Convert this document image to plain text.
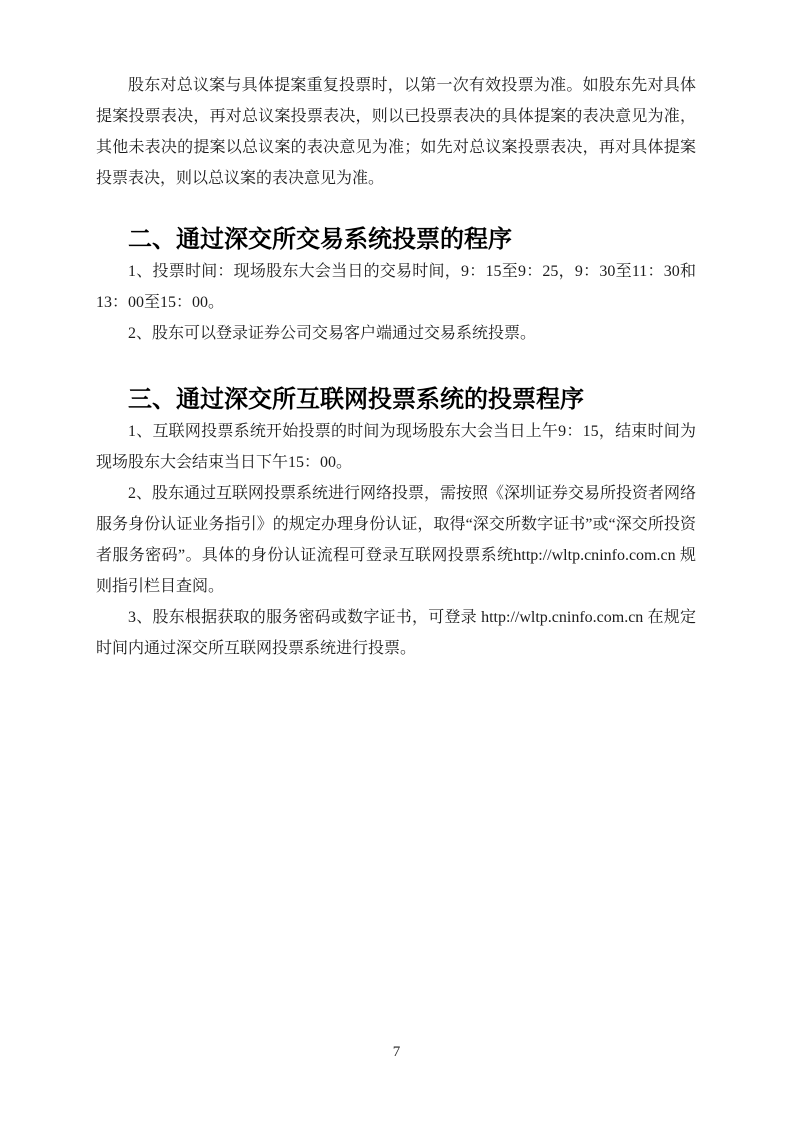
股东对总议案与具体提案重复投票时，以第一次有效投票为准。如股东先对具体提案投票表决，再对总议案投票表决，则以已投票表决的具体提案的表决意见为准，其他未表决的提案以总议案的表决意见为准；如先对总议案投票表决，再对具体提案投票表决，则以总议案的表决意见为准。

二、通过深交所交易系统投票的程序

1、投票时间：现场股东大会当日的交易时间，9：15至9：25，9：30至11：30和13：00至15：00。

2、股东可以登录证券公司交易客户端通过交易系统投票。

三、通过深交所互联网投票系统的投票程序

1、互联网投票系统开始投票的时间为现场股东大会当日上午9：15，结束时间为现场股东大会结束当日下午15：00。

2、股东通过互联网投票系统进行网络投票，需按照《深圳证券交易所投资者网络服务身份认证业务指引》的规定办理身份认证，取得“深交所数字证书”或“深交所投资者服务密码”。具体的身份认证流程可登录互联网投票系统http://wltp.cninfo.com.cn 规则指引栏目查阅。

3、股东根据获取的服务密码或数字证书，可登录 http://wltp.cninfo.com.cn 在规定时间内通过深交所互联网投票系统进行投票。

7
